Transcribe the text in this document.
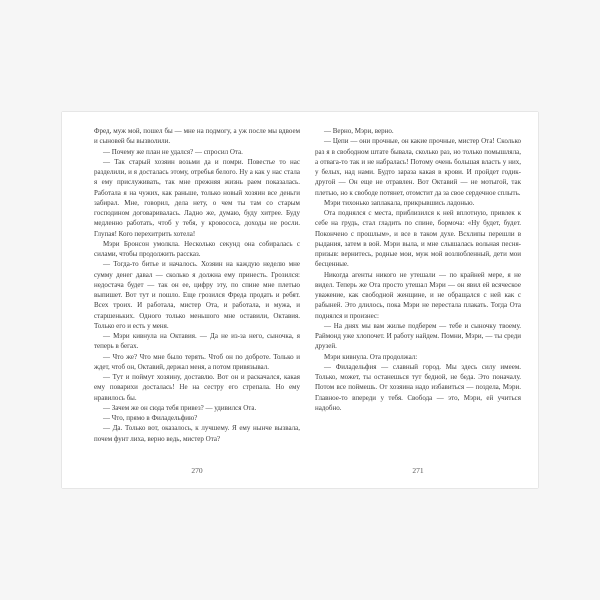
Фред, муж мой, пошел бы — мне на подмогу, а уж после мы вдвоем и сыновей бы вызволили.

— Почему же план не удался? — спросил Ота.

— Так старый хозяин возьми да и помри. Повестье то нас разделили, и я досталась этому, отребья белого. Ну а как у нас стала я ему прислуживать, так мне прежняя жизнь раем показалась. Работала я на чужих, как раньше, только новый хозяин все деньги забирал. Мне, говорил, дела нету, о чем ты там со старым господином договаривалась. Ладно же, думаю, буду хитрее. Буду медленно работать, чтоб у тебя, у кровососа, доходы не росли. Глупая! Кого перехитрить хотела!

Мэри Бронсон умолкла. Несколько секунд она собиралась с силами, чтобы продолжить рассказ.

— Тогда-то битье и началось. Хозяин на каждую неделю мне сумму денег давал — сколько я должна ему принесть. Грозился: недостача будет — так он ее, цифру эту, по спине мне плетью выпишет. Вот тут и пошло. Еще грозился Фреда продать и ребят. Всех троих. И работала, мистер Ота, и работала, и мужа, и старшеньких. Одного только меньшого мне оставили, Октавия. Только его и есть у меня.

— Мэри кивнула на Октавия. — Да не из-за него, сыночка, я теперь в бегах.

— Что же? Что мне было терять. Чтоб он по доброте. Только и ждет, чтоб он, Октавий, держал меня, а потом привязывал.

— Тут и поймут хозяину, доставлю. Вот он и раскачался, какая ему поварихи досталась! Не на сестру его стрепала. Но ему нравилось бы.

— Зачем же он сюда тебя привез? — удивился Ота.

— Что, прямо в Филадельфию?

— Да. Только вот, оказалось, к лучшему. Я ему нынче вызвала, почем фунт лиха, верно ведь, мистер Ота?

270

— Верно, Мэри, верно.

— Цепи — они прочные, он какие прочные, мистер Ота! Сколько раз я в свободном штате бывала, сколько раз, но только помышляла, а отвага-то так и не набралась! Потому очень большая власть у них, у белых, над нами. Будто зараза какая в крови. И пройдет годик-другой — Он еще не отравлен. Вот Октавий — не мотыгой, так плетью, но к свободе потянет, отомстит да за свое сердечное сплыть.

Мэри тихонько заплакала, прикрывшись ладонью.

Ота поднялся с места, приблизился к ней вплотную, привлек к себе на грудь, стал гладить по спине, бормоча: «Ну будет, будет. Покончено с прошлым», и все в таком духе. Всхлипы перешли в рыдания, затем в вой. Мэри выла, и мне слышалась вольная песня-призыв: вернитесь, родные мои, муж мой возлюбленный, дети мои бесценные.

Никогда агенты никого не утешали — по крайней мере, я не видел. Теперь же Ота просто утешал Мэри — он явил ей всяческое уважение, как свободной женщине, и не обращался с ней как с рабыней. Это длилось, пока Мэри не перестала плакать. Тогда Ота поднялся и произнес:

— На днях мы вам жилье подберем — тебе и сыночку твоему. Раймонд уже хлопочет. И работу найдем. Помни, Мэри, — ты среди друзей.

Мэри кивнула. Ота продолжал:

— Филадельфия — славный город. Мы здесь силу имеем. Только, может, ты останешься тут бедной, не беда. Это поначалу. Потом все поймешь. От хозяина надо избавиться — поздела, Мэри. Главное-то впереди у тебя. Свобода — это, Мэри, ей учиться надобно.

271
